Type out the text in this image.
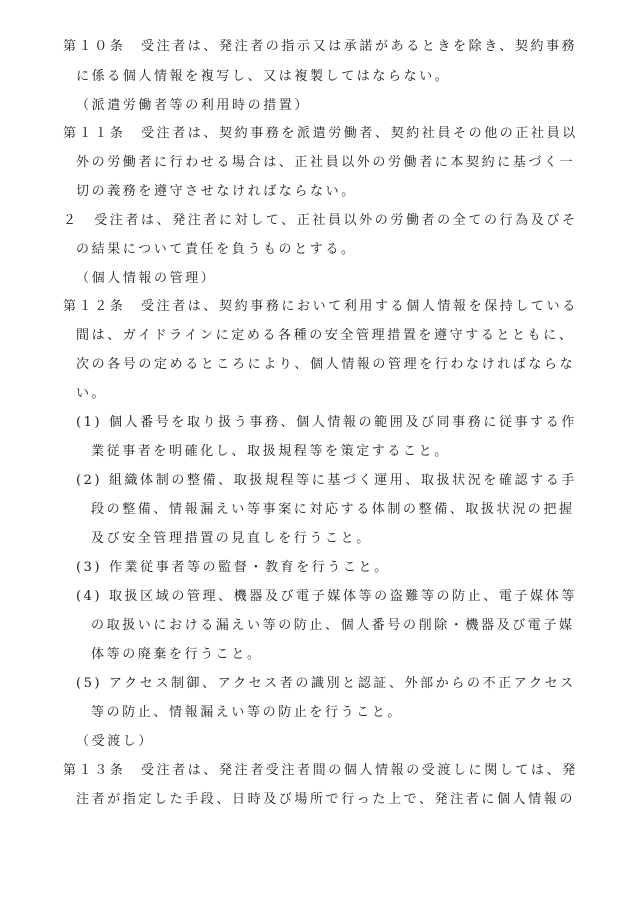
第１０条　受注者は、発注者の指示又は承諾があるときを除き、契約事務
に係る個人情報を複写し、又は複製してはならない。
（派遣労働者等の利用時の措置）
第１１条　受注者は、契約事務を派遣労働者、契約社員その他の正社員以
外の労働者に行わせる場合は、正社員以外の労働者に本契約に基づく一
切の義務を遵守させなければならない。
２　受注者は、発注者に対して、正社員以外の労働者の全ての行為及びそ
の結果について責任を負うものとする。
（個人情報の管理）
第１２条　受注者は、契約事務において利用する個人情報を保持している
間は、ガイドラインに定める各種の安全管理措置を遵守するとともに、
次の各号の定めるところにより、個人情報の管理を行わなければならな
い。
(1) 個人番号を取り扱う事務、個人情報の範囲及び同事務に従事する作
業従事者を明確化し、取扱規程等を策定すること。
(2) 組織体制の整備、取扱規程等に基づく運用、取扱状況を確認する手
段の整備、情報漏えい等事案に対応する体制の整備、取扱状況の把握
及び安全管理措置の見直しを行うこと。
(3) 作業従事者等の監督・教育を行うこと。
(4) 取扱区域の管理、機器及び電子媒体等の盗難等の防止、電子媒体等
の取扱いにおける漏えい等の防止、個人番号の削除・機器及び電子媒
体等の廃棄を行うこと。
(5) アクセス制御、アクセス者の識別と認証、外部からの不正アクセス
等の防止、情報漏えい等の防止を行うこと。
（受渡し）
第１３条　受注者は、発注者受注者間の個人情報の受渡しに関しては、発
注者が指定した手段、日時及び場所で行った上で、発注者に個人情報の
